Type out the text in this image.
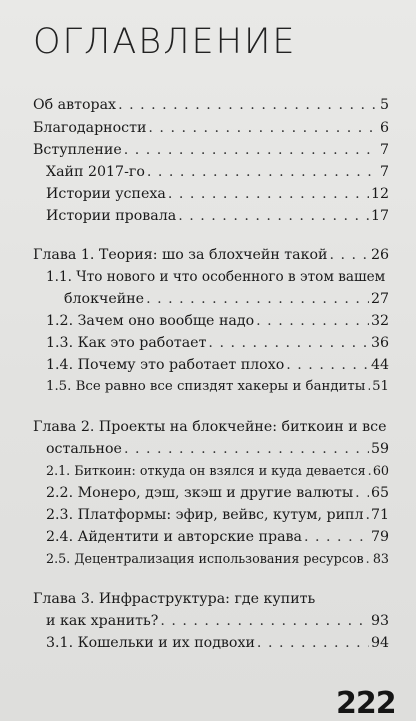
ОГЛАВЛЕНИЕ
Об авторах . . .	5
Благодарности . . .	6
Вступление . . .	7
Хайп 2017-го . . .	7
Истории успеха . . .	12
Истории провала . . .	17
Глава 1. Теория: шо за блохчейн такой . . .	26
1.1. Что нового и что особенного в этом вашем
блокчейне . . .	27
1.2. Зачем оно вообще надо . . .	32
1.3. Как это работает . . .	36
1.4. Почему это работает плохо . . .	44
1.5. Все равно все спиздят хакеры и бандиты . . . 51
Глава 2. Проекты на блокчейне: биткоин и все
остальное . . .	59
2.1. Биткоин: откуда он взялся и куда девается . . . 60
2.2. Монеро, дэш, зкэш и другие валюты . . . 65
2.3. Платформы: эфир, вейвс, кутум, рипл . . . 71
2.4. Айдентити и авторские права . . .	79
2.5. Децентрализация использования ресурсов . . . 83
Глава 3. Инфраструктура: где купить
и как хранить? . . .	93
3.1. Кошельки и их подвохи . . .	94
222
